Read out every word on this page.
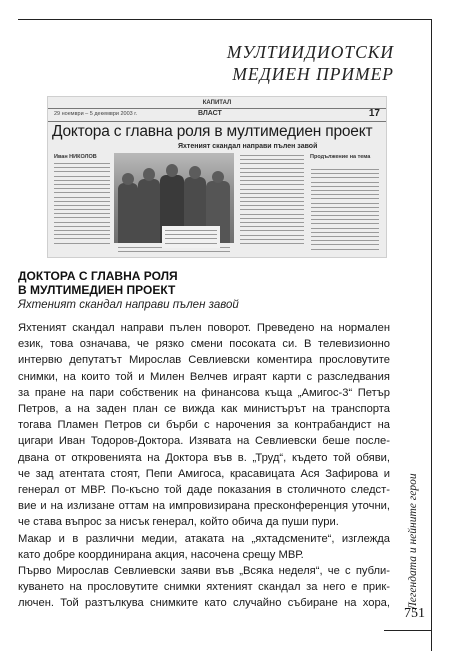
МУЛТИИДИОТСКИ
МЕДИЕН ПРИМЕР
КАПИТАЛ
29 ноември – 5 декември 2003 г.	ВЛАСТ	17
Доктора с главна роля в мултимедиен проект
Яхтеният скандал направи пълен завой
Иван НИКОЛОВ	Продължение на тема
ДОКТОРА С ГЛАВНА РОЛЯ
В МУЛТИМЕДИЕН ПРОЕКТ
Яхтеният скандал направи пълен завой
Яхтеният скандал направи пълен поворот. Преведено на нормален
език, това означава, че рязко смени посоката си. В телевизионно
интервю депутатът Мирослав Севлиевски коментира прословутите
снимки, на които той и Милен Велчев играят карти с разследвания
за пране на пари собственик на финансова къща „Амигос-3“ Петър
Петров, а на заден план се вижда как министърът на транспорта
тогава Пламен Петров си бърби с нарочения за контрабандист на
цигари Иван Тодоров-Доктора. Изявата на Севлиевски беше после-
двана от откровенията на Доктора във в. „Труд“, където той обяви,
че зад атентата стоят, Пепи Амигоса, красавицата Ася Зафирова и
генерал от МВР. По-късно той даде показания в столичното следст-
вие и на излизане оттам на импровизирана пресконференция уточни,
че става въпрос за нисък генерал, който обича да пуши пури.
Макар и в различни медии, атаката на „яхтадсмените“, изглежда
като добре координирана акция, насочена срещу МВР.
Първо Мирослав Севлиевски заяви във „Всяка неделя“, че с публи-
куването на прословутите снимки яхтеният скандал за него е прик-
лючен. Той разтълкува снимките като случайно събиране на хора, Легендата и нейните герои
751
